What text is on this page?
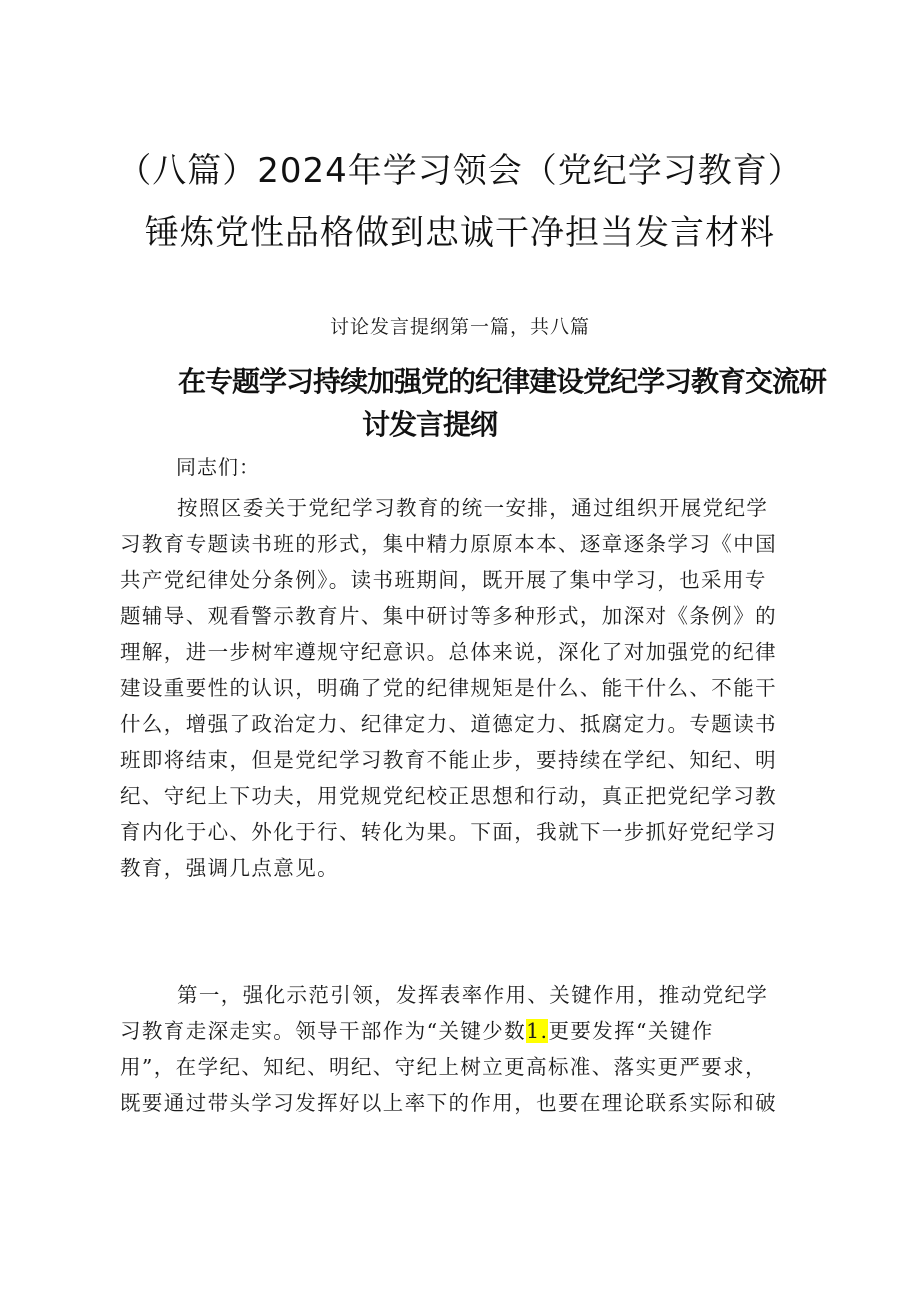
（八篇）2024年学习领会（党纪学习教育）
锤炼党性品格做到忠诚干净担当发言材料
讨论发言提纲第一篇，共八篇
在专题学习持续加强党的纪律建设党纪学习教育交流研
讨发言提纲
同志们：
按照区委关于党纪学习教育的统一安排，通过组织开展党纪学
习教育专题读书班的形式，集中精力原原本本、逐章逐条学习《中国
共产党纪律处分条例》。读书班期间，既开展了集中学习，也采用专
题辅导、观看警示教育片、集中研讨等多种形式，加深对《条例》的
理解，进一步树牢遵规守纪意识。总体来说，深化了对加强党的纪律
建设重要性的认识，明确了党的纪律规矩是什么、能干什么、不能干
什么，增强了政治定力、纪律定力、道德定力、抵腐定力。专题读书
班即将结束，但是党纪学习教育不能止步，要持续在学纪、知纪、明
纪、守纪上下功夫，用党规党纪校正思想和行动，真正把党纪学习教
育内化于心、外化于行、转化为果。下面，我就下一步抓好党纪学习
教育，强调几点意见。
第一，强化示范引领，发挥表率作用、关键作用，推动党纪学
习教育走深走实。领导干部作为“关键少数1.更要发挥“关键作
用”，在学纪、知纪、明纪、守纪上树立更高标准、落实更严要求，
既要通过带头学习发挥好以上率下的作用，也要在理论联系实际和破
